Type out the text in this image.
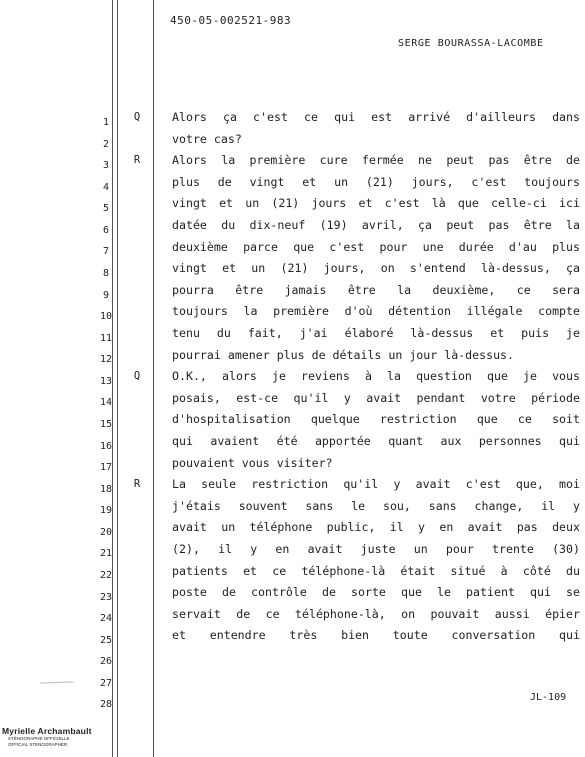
450-05-002521-983
SERGE BOURASSA-LACOMBE
1
2
3
4
5
6
7
8
9
10
11
12
13
14
15
16
17
18
19
20
21
22
23
24
25
26
27
28
Q	Alors ça c'est ce qui est arrivé d'ailleurs dans
votre cas?
R	Alors la première cure fermée ne peut pas être de
plus de vingt et un (21) jours, c'est toujours
vingt et un (21) jours et c'est là que celle-ci ici
datée du dix-neuf (19) avril, ça peut pas être la
deuxième parce que c'est pour une durée d'au plus
vingt et un (21) jours, on s'entend là-dessus, ça
pourra être jamais être la deuxième, ce sera
toujours la première d'où détention illégale compte
tenu du fait, j'ai élaboré là-dessus et puis je
pourrai amener plus de détails un jour là-dessus.
Q	O.K., alors je reviens à la question que je vous
posais, est-ce qu'il y avait pendant votre période
d'hospitalisation quelque restriction que ce soit
qui avaient été apportée quant aux personnes qui
pouvaient vous visiter?
R	La seule restriction qu'il y avait c'est que, moi
j'étais souvent sans le sou, sans change, il y
avait un téléphone public, il y en avait pas deux
(2), il y en avait juste un pour trente (30)
patients et ce téléphone-là était situé à côté du
poste de contrôle de sorte que le patient qui se
servait de ce téléphone-là, on pouvait aussi épier
et entendre très bien toute conversation qui
JL-109
Myrielle Archambault
STÉNOGRAPHE OFFICIELLE
OFFICIAL STENOGRAPHER
